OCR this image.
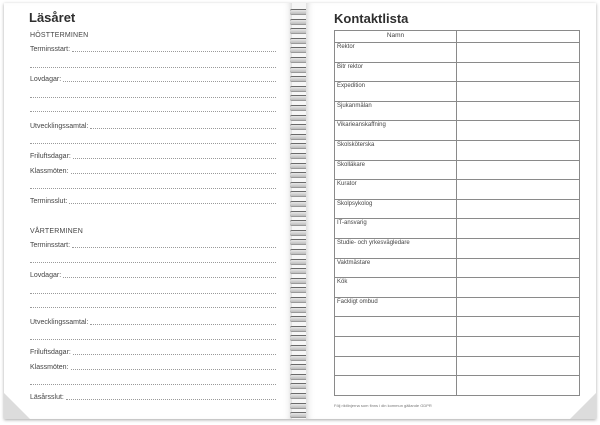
Läsåret
HÖSTTERMINEN
Terminsstart:
Lovdagar:
Utvecklingssamtal:
Friluftsdagar:
Klassmöten:
Terminsslut:
VÅRTERMINEN
Terminsstart:
Lovdagar:
Utvecklingssamtal:
Friluftsdagar:
Klassmöten:
Läsårsslut:
Kontaktlista
Namn	
Rektor	
Bitr rektor	
Expedition	
Sjukanmälan	
Vikarieanskaffning	
Skolsköterska	
Skolläkare	
Kurator	
Skolpsykolog	
IT-ansvarig	
Studie- och yrkesvägledare	
Vaktmästare	
Kök	
Fackligt ombud	

Följ riktlinjerna som finns i din kommun gällande GDPR
